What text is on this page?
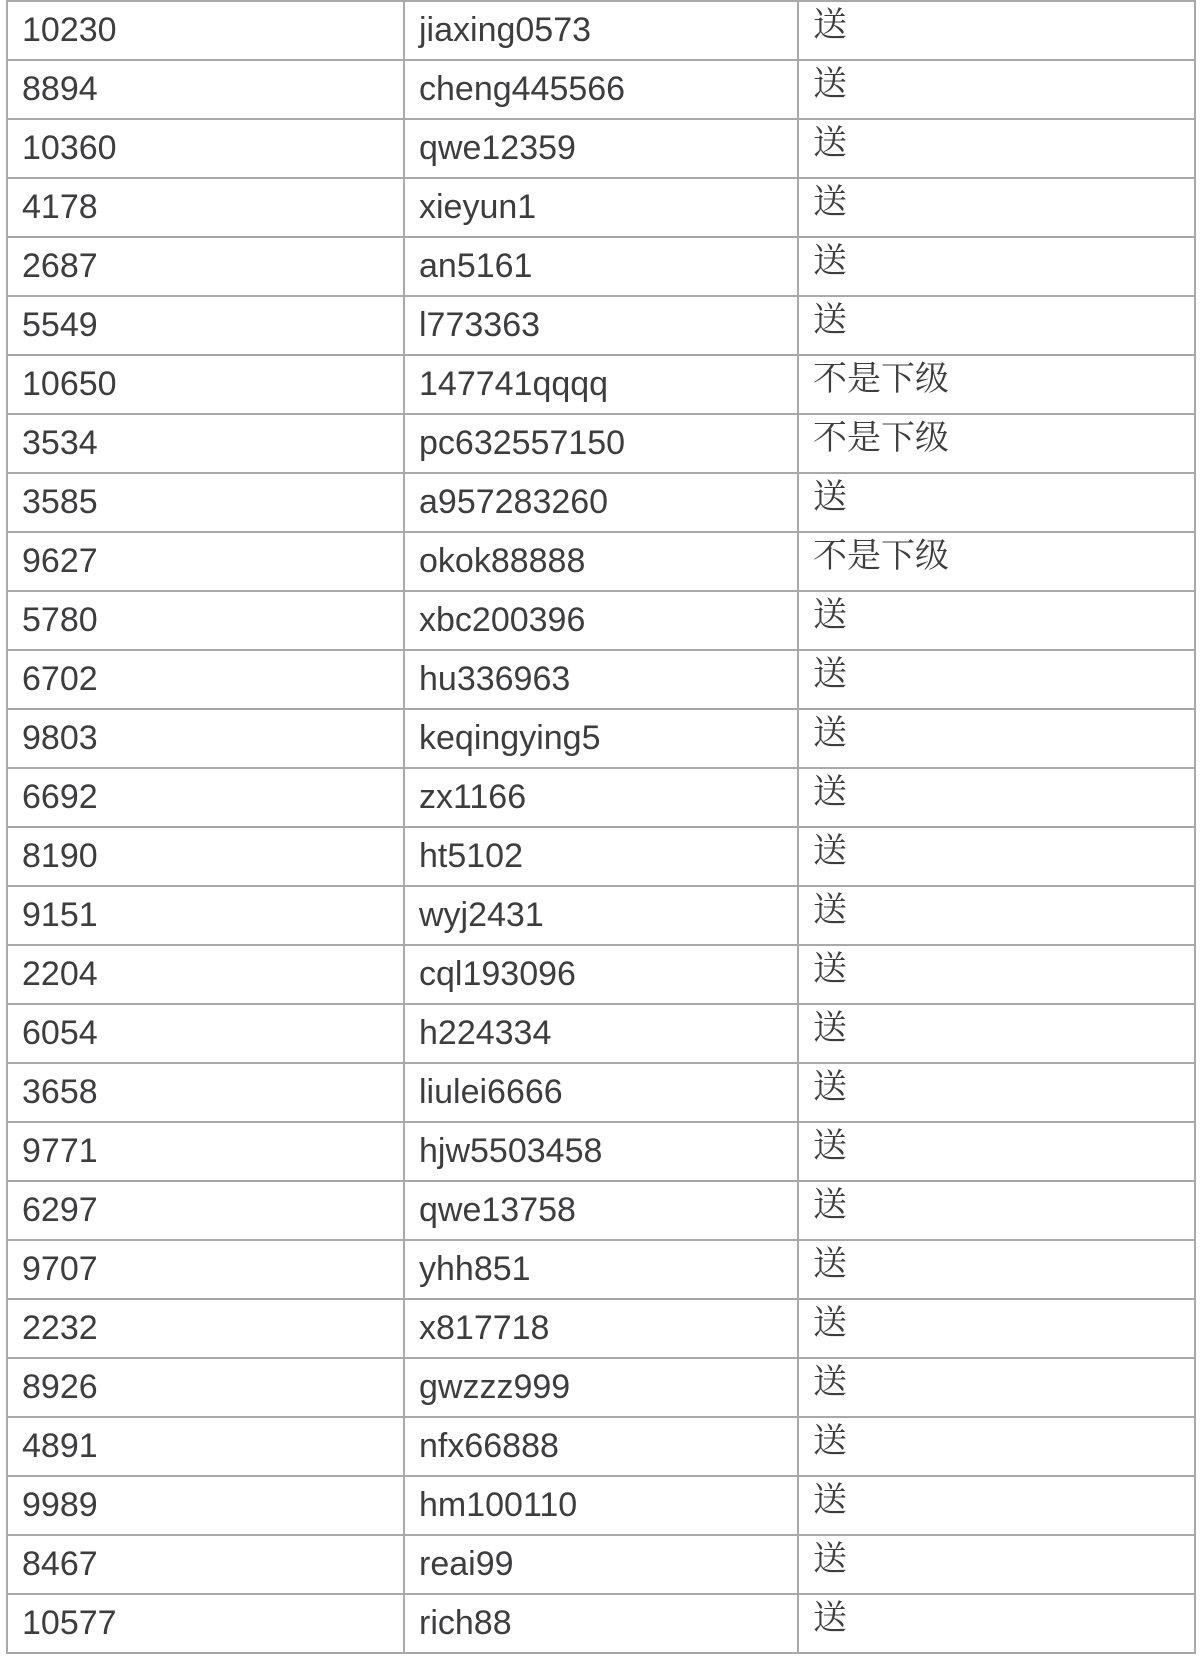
10230	jiaxing0573	送
8894	cheng445566	送
10360	qwe12359	送
4178	xieyun1	送
2687	an5161	送
5549	l773363	送
10650	147741qqqq	不是下级
3534	pc632557150	不是下级
3585	a957283260	送
9627	okok88888	不是下级
5780	xbc200396	送
6702	hu336963	送
9803	keqingying5	送
6692	zx1166	送
8190	ht5102	送
9151	wyj2431	送
2204	cql193096	送
6054	h224334	送
3658	liulei6666	送
9771	hjw5503458	送
6297	qwe13758	送
9707	yhh851	送
2232	x817718	送
8926	gwzzz999	送
4891	nfx66888	送
9989	hm100110	送
8467	reai99	送
10577	rich88	送
